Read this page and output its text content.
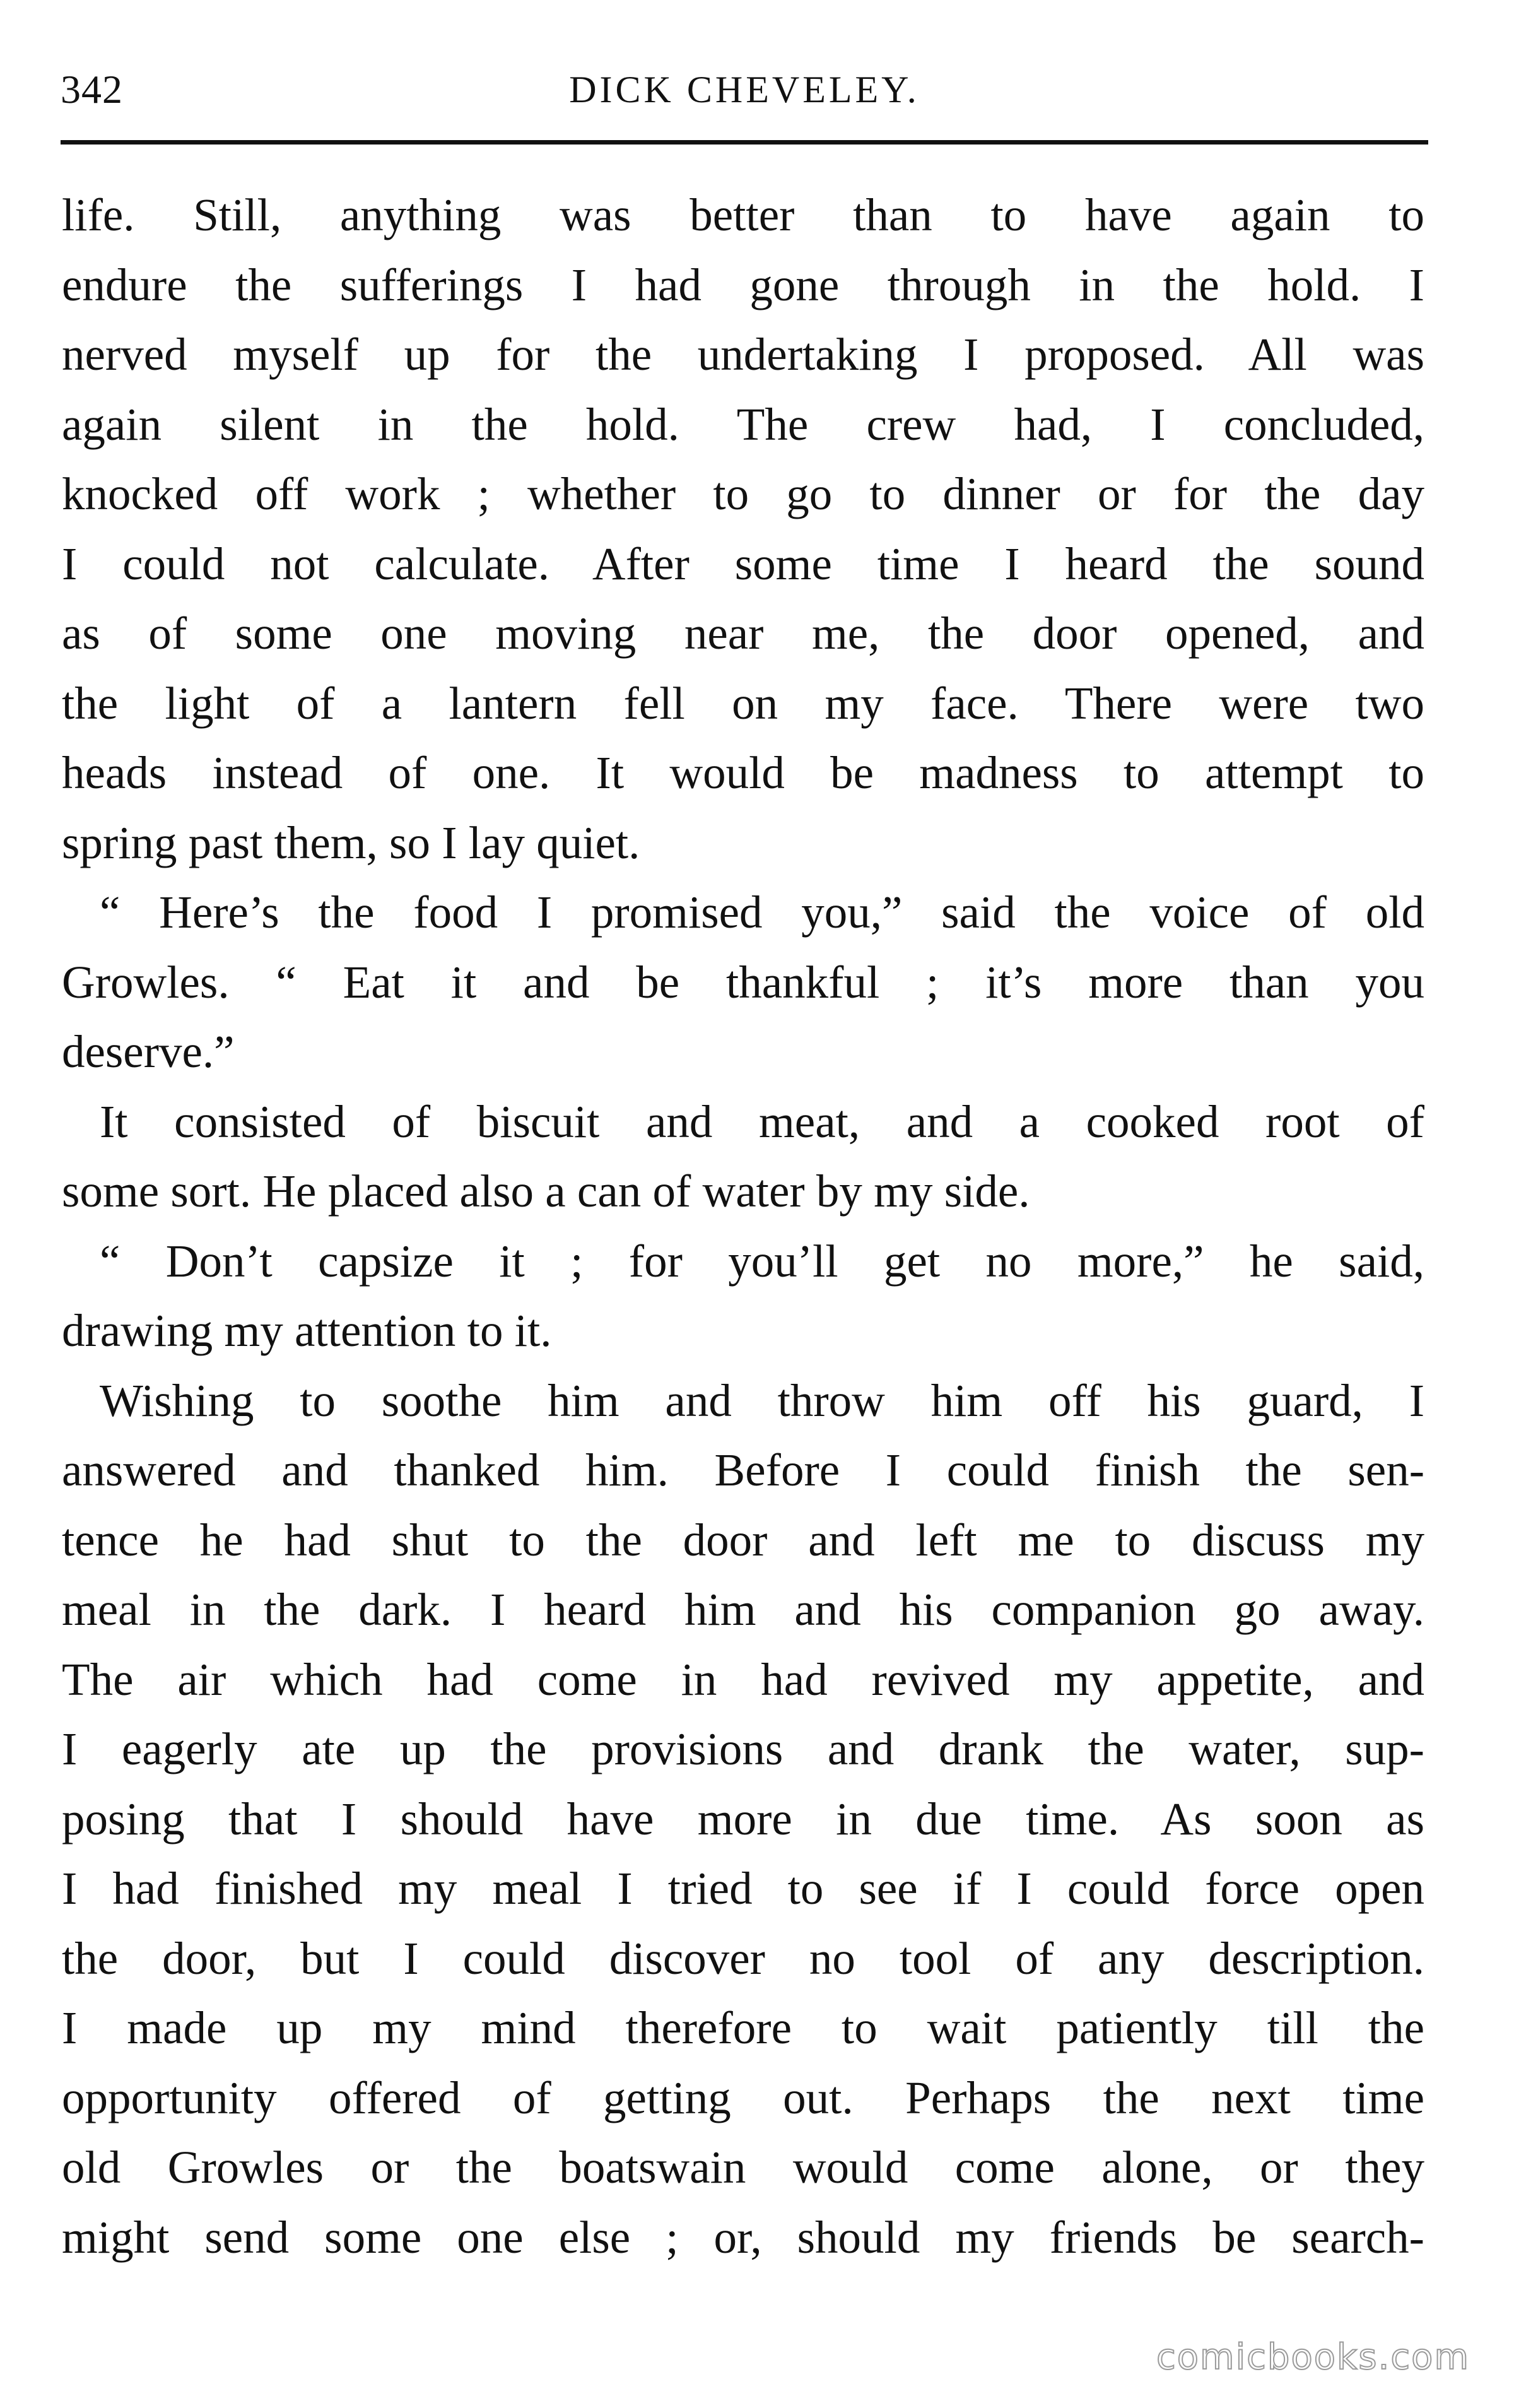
342	DICK CHEVELEY.
life. Still, anything was better than to have again to
endure the sufferings I had gone through in the hold. I
nerved myself up for the undertaking I proposed. All was
again silent in the hold. The crew had, I concluded,
knocked off work ; whether to go to dinner or for the day
I could not calculate. After some time I heard the sound
as of some one moving near me, the door opened, and
the light of a lantern fell on my face. There were two
heads instead of one. It would be madness to attempt to
spring past them, so I lay quiet.
“ Here’s the food I promised you,” said the voice of old
Growles. “ Eat it and be thankful ; it’s more than you
deserve.”
It consisted of biscuit and meat, and a cooked root of
some sort. He placed also a can of water by my side.
“ Don’t capsize it ; for you’ll get no more,” he said,
drawing my attention to it.
Wishing to soothe him and throw him off his guard, I
answered and thanked him. Before I could finish the sen-
tence he had shut to the door and left me to discuss my
meal in the dark. I heard him and his companion go away.
The air which had come in had revived my appetite, and
I eagerly ate up the provisions and drank the water, sup-
posing that I should have more in due time. As soon as
I had finished my meal I tried to see if I could force open
the door, but I could discover no tool of any description.
I made up my mind therefore to wait patiently till the
opportunity offered of getting out. Perhaps the next time
old Growles or the boatswain would come alone, or they
might send some one else ; or, should my friends be search-
comicbooks.com
